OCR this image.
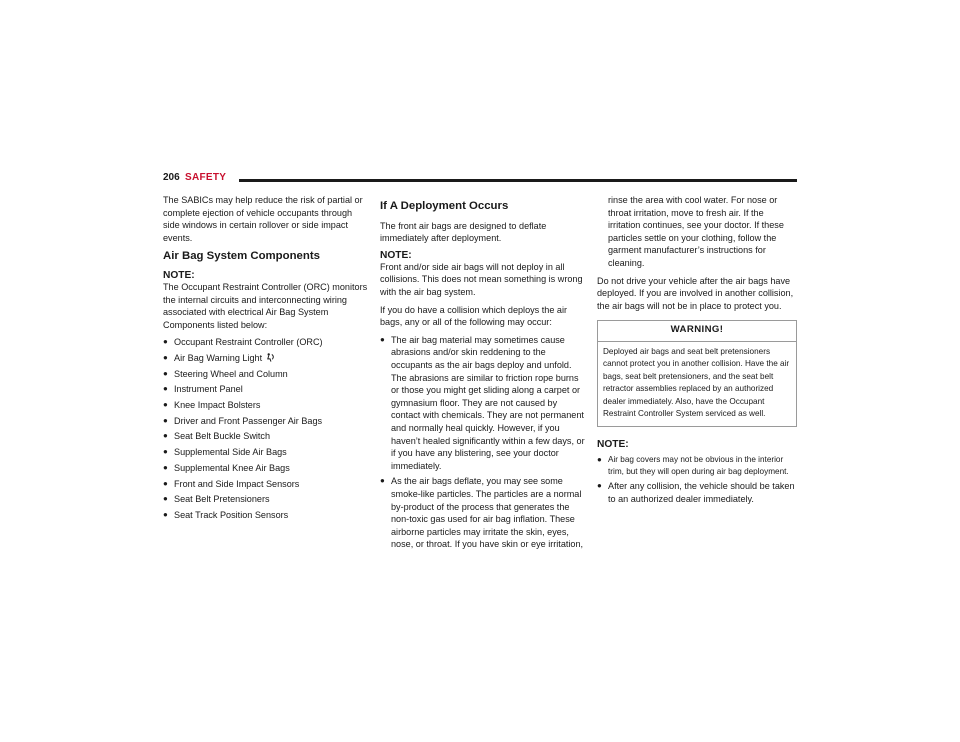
206 SAFETY

The SABICs may help reduce the risk of partial or complete ejection of vehicle occupants through side windows in certain rollover or side impact events.

Air Bag System Components
NOTE:

The Occupant Restraint Controller (ORC) monitors the internal circuits and interconnecting wiring associated with electrical Air Bag System Components listed below:

● Occupant Restraint Controller (ORC)
● Air Bag Warning Light
● Steering Wheel and Column
● Instrument Panel
● Knee Impact Bolsters
● Driver and Front Passenger Air Bags
● Seat Belt Buckle Switch
● Supplemental Side Air Bags
● Supplemental Knee Air Bags
● Front and Side Impact Sensors
● Seat Belt Pretensioners
● Seat Track Position Sensors
If A Deployment Occurs

The front air bags are designed to deflate immediately after deployment.

NOTE:

Front and/or side air bags will not deploy in all collisions. This does not mean something is wrong with the air bag system.

If you do have a collision which deploys the air bags, any or all of the following may occur:

● The air bag material may sometimes cause abrasions and/or skin reddening to the occupants as the air bags deploy and unfold. The abrasions are similar to friction rope burns or those you might get sliding along a carpet or gymnasium floor. They are not caused by contact with chemicals. They are not permanent and normally heal quickly. However, if you haven’t healed significantly within a few days, or if you have any blistering, see your doctor immediately.
● As the air bags deflate, you may see some smoke-like particles. The particles are a normal by-product of the process that generates the non-toxic gas used for air bag inflation. These airborne particles may irritate the skin, eyes, nose, or throat. If you have skin or eye irritation,

rinse the area with cool water. For nose or throat irritation, move to fresh air. If the irritation continues, see your doctor. If these particles settle on your clothing, follow the garment manufacturer’s instructions for cleaning.

Do not drive your vehicle after the air bags have deployed. If you are involved in another collision, the air bags will not be in place to protect you.

WARNING!
Deployed air bags and seat belt pretensioners cannot protect you in another collision. Have the air bags, seat belt pretensioners, and the seat belt retractor assemblies replaced by an authorized dealer immediately. Also, have the Occupant Restraint Controller System serviced as well.
NOTE:
● Air bag covers may not be obvious in the interior trim, but they will open during air bag deployment.
● After any collision, the vehicle should be taken to an authorized dealer immediately.
